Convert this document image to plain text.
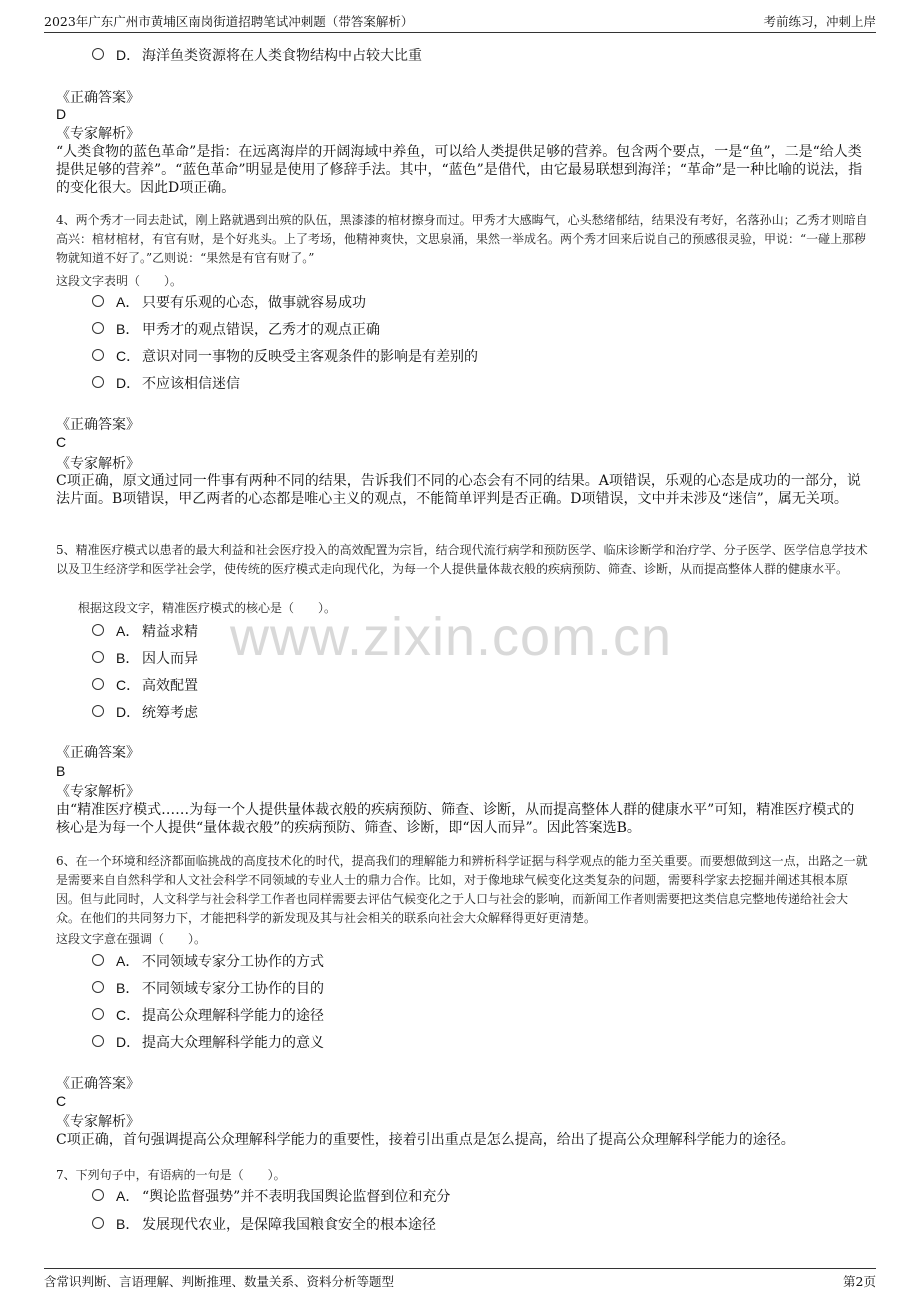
2023年广东广州市黄埔区南岗街道招聘笔试冲刺题（带答案解析）	考前练习，冲刺上岸
www.zixin.com.cn
D． 海洋鱼类资源将在人类食物结构中占较大比重
《正确答案》
D
《专家解析》

“人类食物的蓝色革命”是指：在远离海岸的开阔海域中养鱼，可以给人类提供足够的营养。包含两个要点，一是“鱼”，二是“给人类提供足够的营养”。“蓝色革命”明显是使用了修辞手法。其中，“蓝色”是借代，由它最易联想到海洋；“革命”是一种比喻的说法，指的变化很大。因此D项正确。

4、两个秀才一同去赴试，刚上路就遇到出殡的队伍，黑漆漆的棺材擦身而过。甲秀才大感晦气，心头愁绪郁结，结果没有考好，名落孙山；乙秀才则暗自高兴：棺材棺材，有官有财，是个好兆头。上了考场，他精神爽快，文思泉涌，果然一举成名。两个秀才回来后说自己的预感很灵验，甲说：“一碰上那秽物就知道不好了。”乙则说：“果然是有官有财了。”

这段文字表明（　　）。
A． 只要有乐观的心态，做事就容易成功
B． 甲秀才的观点错误，乙秀才的观点正确
C． 意识对同一事物的反映受主客观条件的影响是有差别的
D． 不应该相信迷信
《正确答案》
C
《专家解析》

C项正确，原文通过同一件事有两种不同的结果，告诉我们不同的心态会有不同的结果。A项错误，乐观的心态是成功的一部分，说法片面。B项错误，甲乙两者的心态都是唯心主义的观点，不能简单评判是否正确。D项错误，文中并未涉及“迷信”，属无关项。

5、精准医疗模式以患者的最大利益和社会医疗投入的高效配置为宗旨，结合现代流行病学和预防医学、临床诊断学和治疗学、分子医学、医学信息学技术以及卫生经济学和医学社会学，使传统的医疗模式走向现代化，为每一个人提供量体裁衣般的疾病预防、筛查、诊断，从而提高整体人群的健康水平。

根据这段文字，精准医疗模式的核心是（　　）。
A． 精益求精
B． 因人而异
C． 高效配置
D． 统筹考虑
《正确答案》
B
《专家解析》

由“精准医疗模式……为每一个人提供量体裁衣般的疾病预防、筛查、诊断，从而提高整体人群的健康水平”可知，精准医疗模式的核心是为每一个人提供“量体裁衣般”的疾病预防、筛查、诊断，即“因人而异”。因此答案选B。

6、在一个环境和经济都面临挑战的高度技术化的时代，提高我们的理解能力和辨析科学证据与科学观点的能力至关重要。而要想做到这一点，出路之一就是需要来自自然科学和人文社会科学不同领域的专业人士的鼎力合作。比如，对于像地球气候变化这类复杂的问题，需要科学家去挖掘并阐述其根本原因。但与此同时，人文科学与社会科学工作者也同样需要去评估气候变化之于人口与社会的影响，而新闻工作者则需要把这类信息完整地传递给社会大众。在他们的共同努力下，才能把科学的新发现及其与社会相关的联系向社会大众解释得更好更清楚。

这段文字意在强调（　　）。
A． 不同领域专家分工协作的方式
B． 不同领域专家分工协作的目的
C． 提高公众理解科学能力的途径
D． 提高大众理解科学能力的意义
《正确答案》
C
《专家解析》

C项正确，首句强调提高公众理解科学能力的重要性，接着引出重点是怎么提高，给出了提高公众理解科学能力的途径。

7、下列句子中，有语病的一句是（　　）。
A． “舆论监督强势”并不表明我国舆论监督到位和充分
B． 发展现代农业，是保障我国粮食安全的根本途径
含常识判断、言语理解、判断推理、数量关系、资料分析等题型	第2页
